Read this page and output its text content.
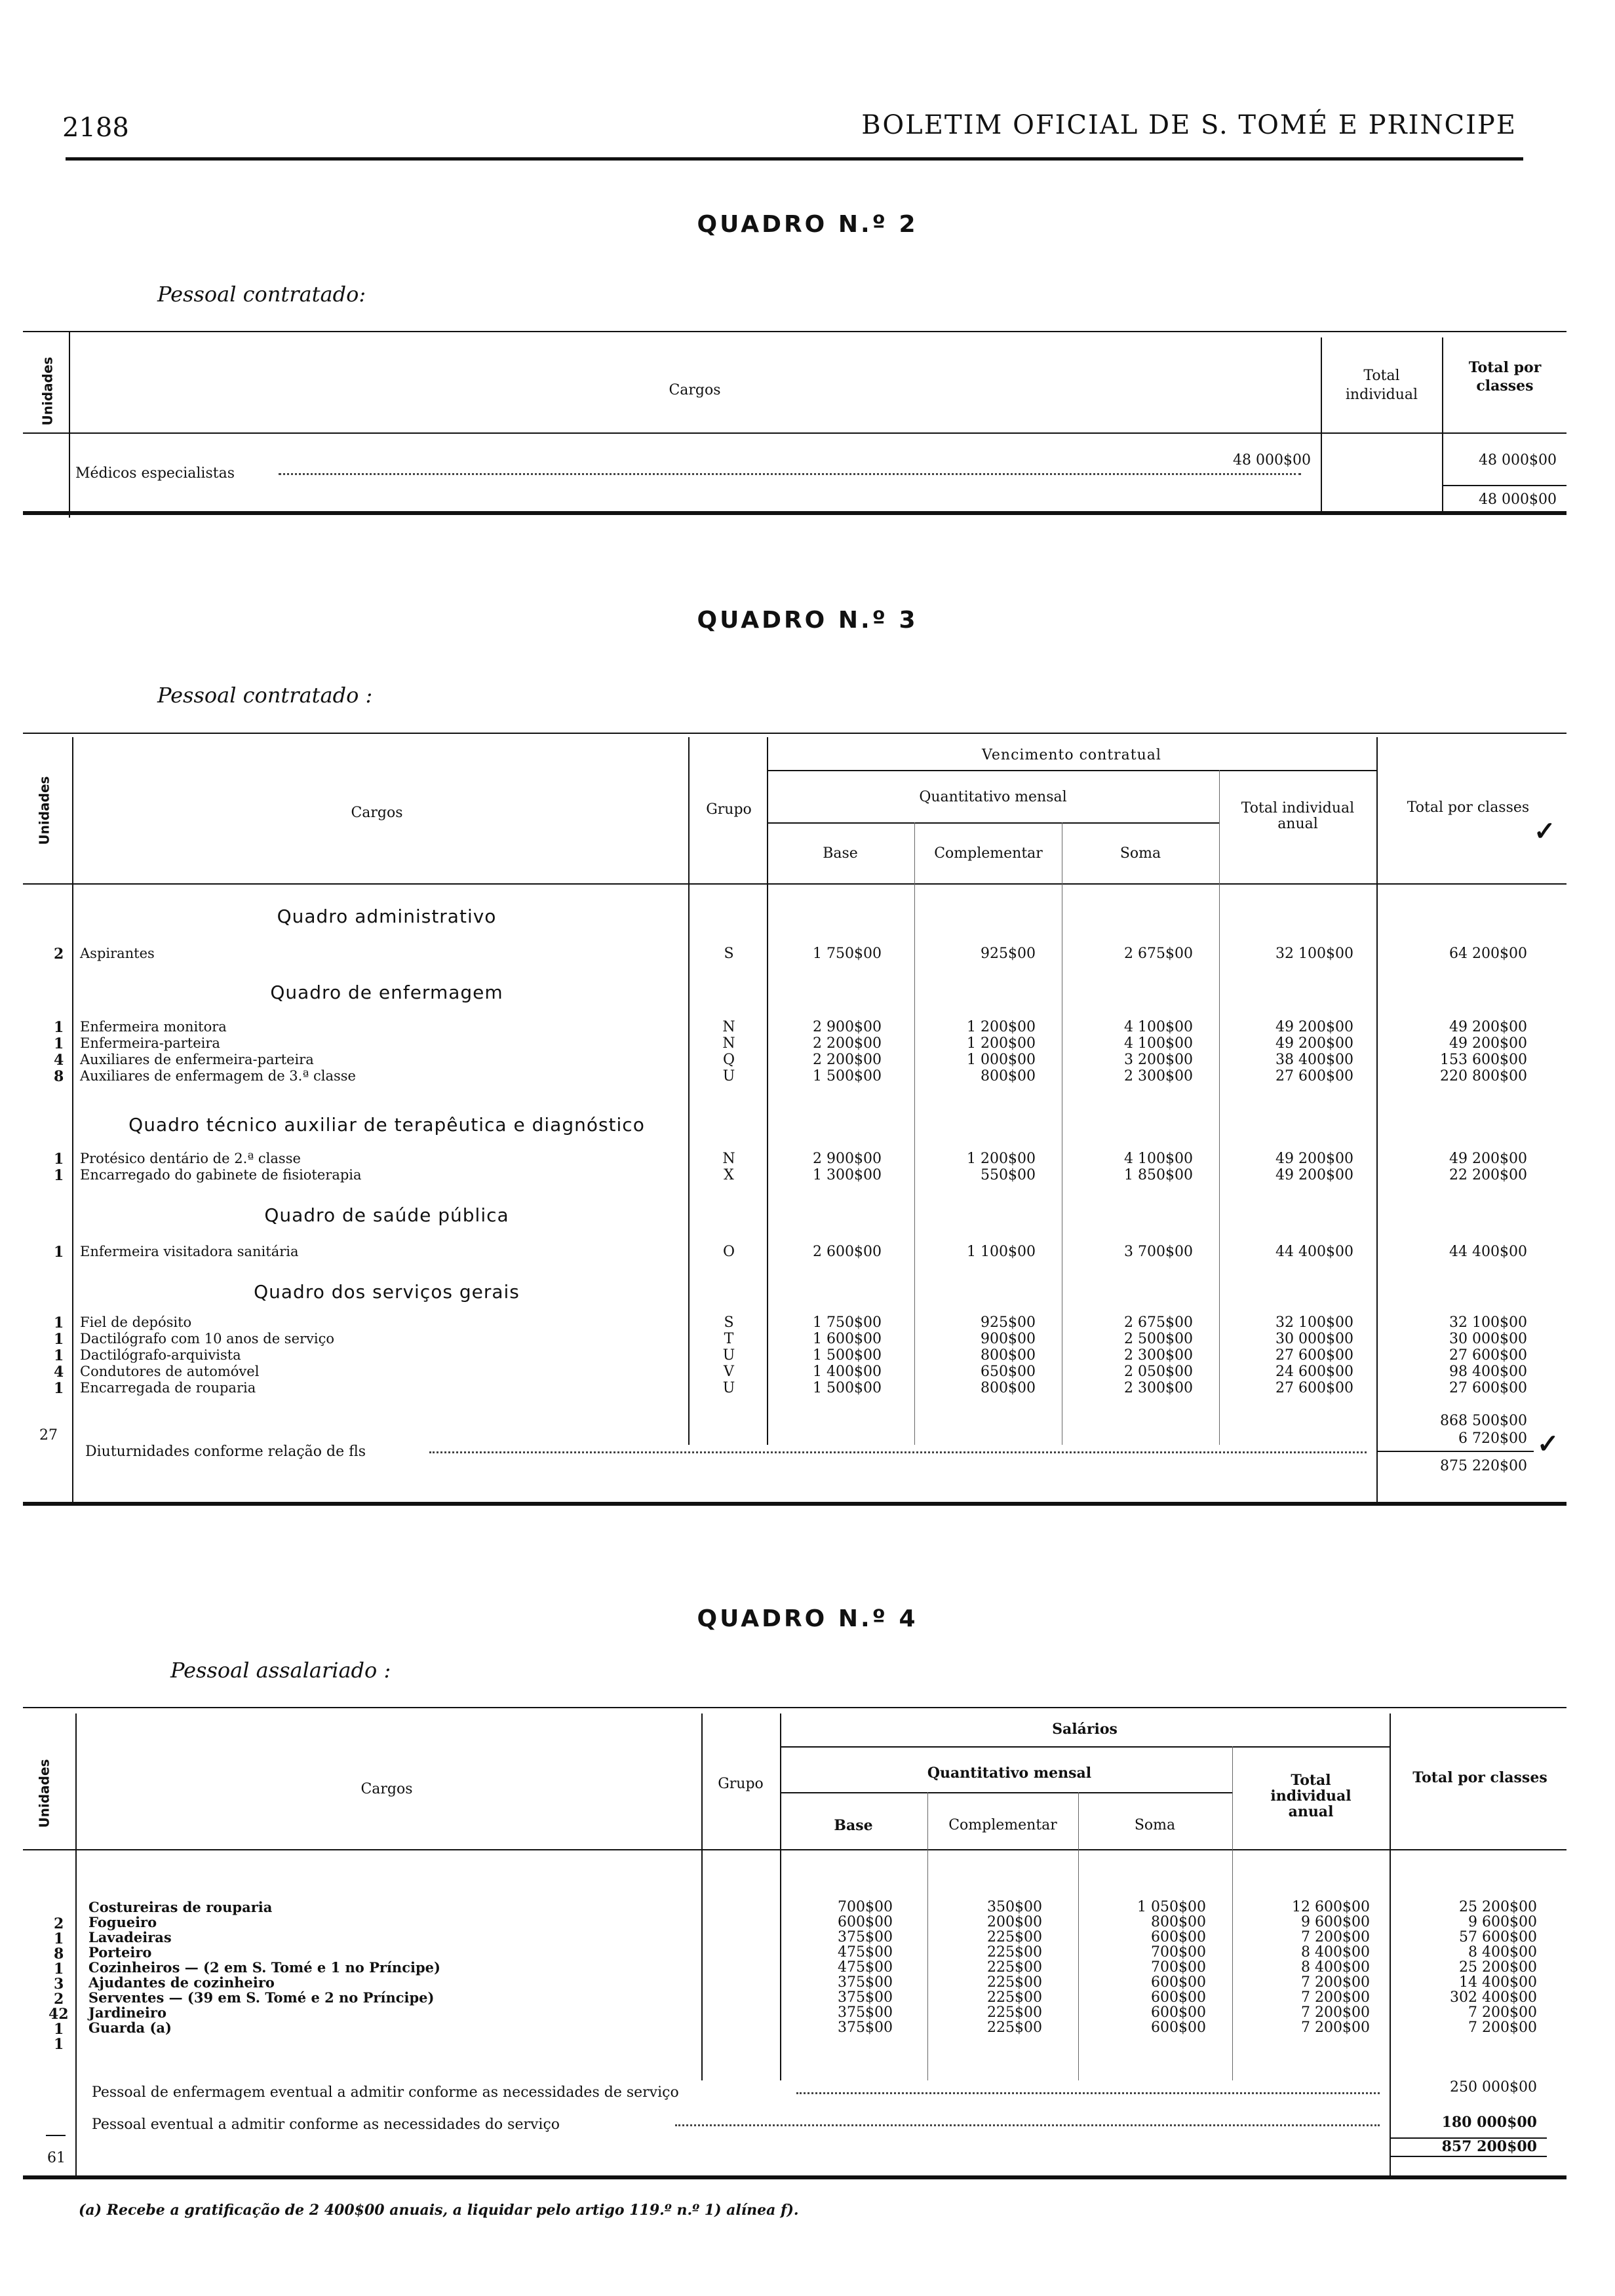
2188	BOLETIM OFICIAL DE S. TOMÉ E PRINCIPE
QUADRO N.º 2
Pessoal contratado:
Unidades	Cargos
Total individual
Total por classes
Médicos especialistas
48 000$00	48 000$00
48 000$00
QUADRO N.º 3
Pessoal contratado :
Unidades	Cargos	Grupo
Vencimento contratual
Quantitativo mensal
Base	Complementar	Soma
Total individual anual
Total por classes
Quadro administrativo
2 Aspirantes	S	1 750$00	925$00	2 675$00	32 100$00	64 200$00
Quadro de enfermagem
1 Enfermeira monitora	N	2 900$00	1 200$00	4 100$00	49 200$00	49 200$00
1 Enfermeira-parteira	N	2 200$00	1 200$00	4 100$00	49 200$00	49 200$00
4 Auxiliares de enfermeira-parteira	Q	2 200$00	1 000$00	3 200$00	38 400$00	153 600$00
8 Auxiliares de enfermagem de 3.ª classe	U	1 500$00	800$00	2 300$00	27 600$00	220 800$00
Quadro técnico auxiliar de terapêutica e diagnóstico
1 Protésico dentário de 2.ª classe	N	2 900$00	1 200$00	4 100$00	49 200$00	49 200$00
1 Encarregado do gabinete de fisioterapia	X	1 300$00	550$00	1 850$00	49 200$00	22 200$00
Quadro de saúde pública
1 Enfermeira visitadora sanitária	O	2 600$00	1 100$00	3 700$00	44 400$00	44 400$00
Quadro dos serviços gerais
1 Fiel de depósito	S	1 750$00	925$00	2 675$00	32 100$00	32 100$00
1 Dactilógrafo com 10 anos de serviço	T	1 600$00	900$00	2 500$00	30 000$00	30 000$00
1 Dactilógrafo-arquivista	U	1 500$00	800$00	2 300$00	27 600$00	27 600$00
4 Condutores de automóvel	V	1 400$00	650$00	2 050$00	24 600$00	98 400$00
1 Encarregada de rouparia	U	1 500$00	800$00	2 300$00	27 600$00	27 600$00
27
Diuturnidades conforme relação de fls
868 500$00
6 720$00
875 220$00
✓
✓
QUADRO N.º 4
Pessoal assalariado :
Unidades	Cargos	Grupo
Salários
Quantitativo mensal
Base	Complementar	Soma
Total individual anual
Total por classes
2
Costureiras de rouparia	700$00	350$00	1 050$00	12 600$00	25 200$00
1
Fogueiro	600$00	200$00	800$00	9 600$00	9 600$00
8
Lavadeiras	375$00	225$00	600$00	7 200$00	57 600$00
1
Porteiro	475$00	225$00	700$00	8 400$00	8 400$00
3
Cozinheiros — (2 em S. Tomé e 1 no Príncipe)	475$00	225$00	700$00	8 400$00	25 200$00
2
Ajudantes de cozinheiro	375$00	225$00	600$00	7 200$00	14 400$00
42
Serventes — (39 em S. Tomé e 2 no Príncipe)	375$00	225$00	600$00	7 200$00	302 400$00
1
Jardineiro	375$00	225$00	600$00	7 200$00	7 200$00
1
Guarda (a)	375$00	225$00	600$00	7 200$00	7 200$00
Pessoal de enfermagem eventual a admitir conforme as necessidades de serviço	250 000$00
Pessoal eventual a admitir conforme as necessidades do serviço	180 000$00
61
857 200$00
(a) Recebe a gratificação de 2 400$00 anuais, a liquidar pelo artigo 119.º n.º 1) alínea f).
